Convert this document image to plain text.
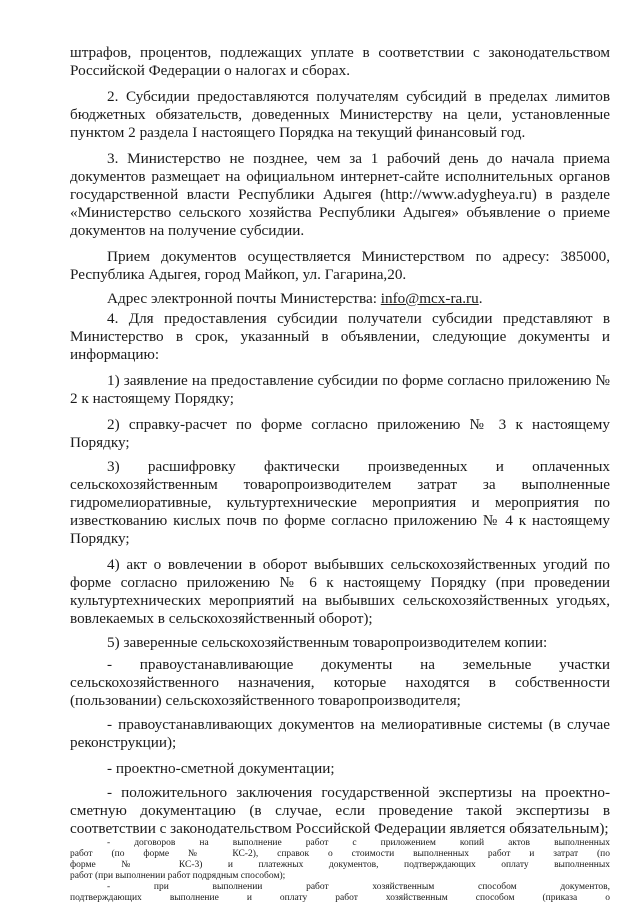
штрафов, процентов, подлежащих уплате в соответствии с законодательством
Российской Федерации о налогах и сборах.
2. Субсидии предоставляются получателям субсидий в пределах лимитов
бюджетных обязательств, доведенных Министерству на цели, установленные
пунктом 2 раздела I настоящего Порядка на текущий финансовый год.
3. Министерство не позднее, чем за 1 рабочий день до начала приема
документов размещает на официальном интернет-сайте исполнительных органов
государственной власти Республики Адыгея (http://www.adygheya.ru) в разделе
«Министерство сельского хозяйства Республики Адыгея» объявление о приеме
документов на получение субсидии.
Прием документов осуществляется Министерством по адресу: 385000,
Республика Адыгея, город Майкоп, ул. Гагарина,20.
Адрес электронной почты Министерства: info@mcx-ra.ru.
4. Для предоставления субсидии получатели субсидии представляют в
Министерство в срок, указанный в объявлении, следующие документы и
информацию:
1) заявление на предоставление субсидии по форме согласно приложению №
2 к настоящему Порядку;
2) справку-расчет по форме согласно приложению № 3 к настоящему
Порядку;
3) расшифровку фактически произведенных и оплаченных
сельскохозяйственным товаропроизводителем затрат за выполненные
гидромелиоративные, культуртехнические мероприятия и мероприятия по
известкованию кислых почв по форме согласно приложению № 4 к настоящему
Порядку;
4) акт о вовлечении в оборот выбывших сельскохозяйственных угодий по
форме согласно приложению № 6 к настоящему Порядку (при проведении
культуртехнических мероприятий на выбывших сельскохозяйственных угодьях,
вовлекаемых в сельскохозяйственный оборот);
5) заверенные сельскохозяйственным товаропроизводителем копии:
- правоустанавливающие документы на земельные участки
сельскохозяйственного назначения, которые находятся в собственности
(пользовании) сельскохозяйственного товаропроизводителя;
- правоустанавливающих документов на мелиоративные системы (в случае
реконструкции);
- проектно-сметной документации;
- положительного заключения государственной экспертизы на проектно-
сметную документацию (в случае, если проведение такой экспертизы в
соответствии с законодательством Российской Федерации является обязательным);
- договоров на выполнение работ с приложением копий актов выполненных
работ (по форме № КС-2), справок о стоимости выполненных работ и затрат (по
форме № КС-3) и платежных документов, подтверждающих оплату выполненных
работ (при выполнении работ подрядным способом);
- при выполнении работ хозяйственным способом документов,
подтверждающих выполнение и оплату работ хозяйственным способом (приказа о
